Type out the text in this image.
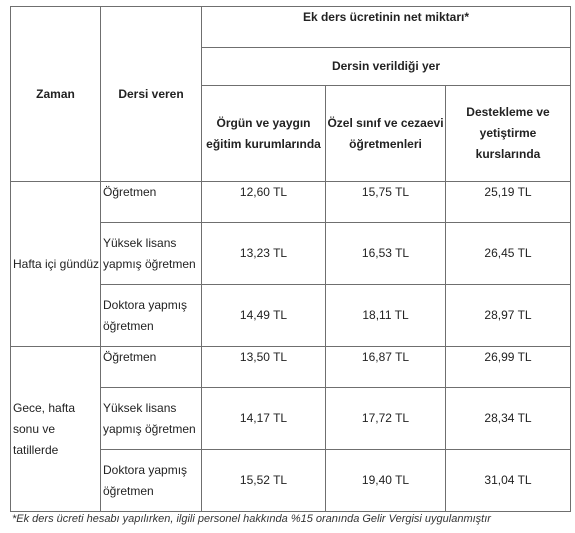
Zaman	Dersi veren	Ek ders ücretinin net miktarı*		
		Dersin verildiği yer		
		Örgün ve yaygın eğitim kurumlarında	Özel sınıf ve cezaevi öğretmenleri	Destekleme ve yetiştirme kurslarında
Hafta içi gündüz	Öğretmen	12,60 TL	15,75 TL	25,19 TL
	Yüksek lisans yapmış öğretmen	13,23 TL	16,53 TL	26,45 TL
	Doktora yapmış öğretmen	14,49 TL	18,11 TL	28,97 TL
Gece, hafta sonu ve tatillerde	Öğretmen	13,50 TL	16,87 TL	26,99 TL
	Yüksek lisans yapmış öğretmen	14,17 TL	17,72 TL	28,34 TL
	Doktora yapmış öğretmen	15,52 TL	19,40 TL	31,04 TL
*Ek ders ücreti hesabı yapılırken, ilgili personel hakkında %15 oranında Gelir Vergisi uygulanmıştır
